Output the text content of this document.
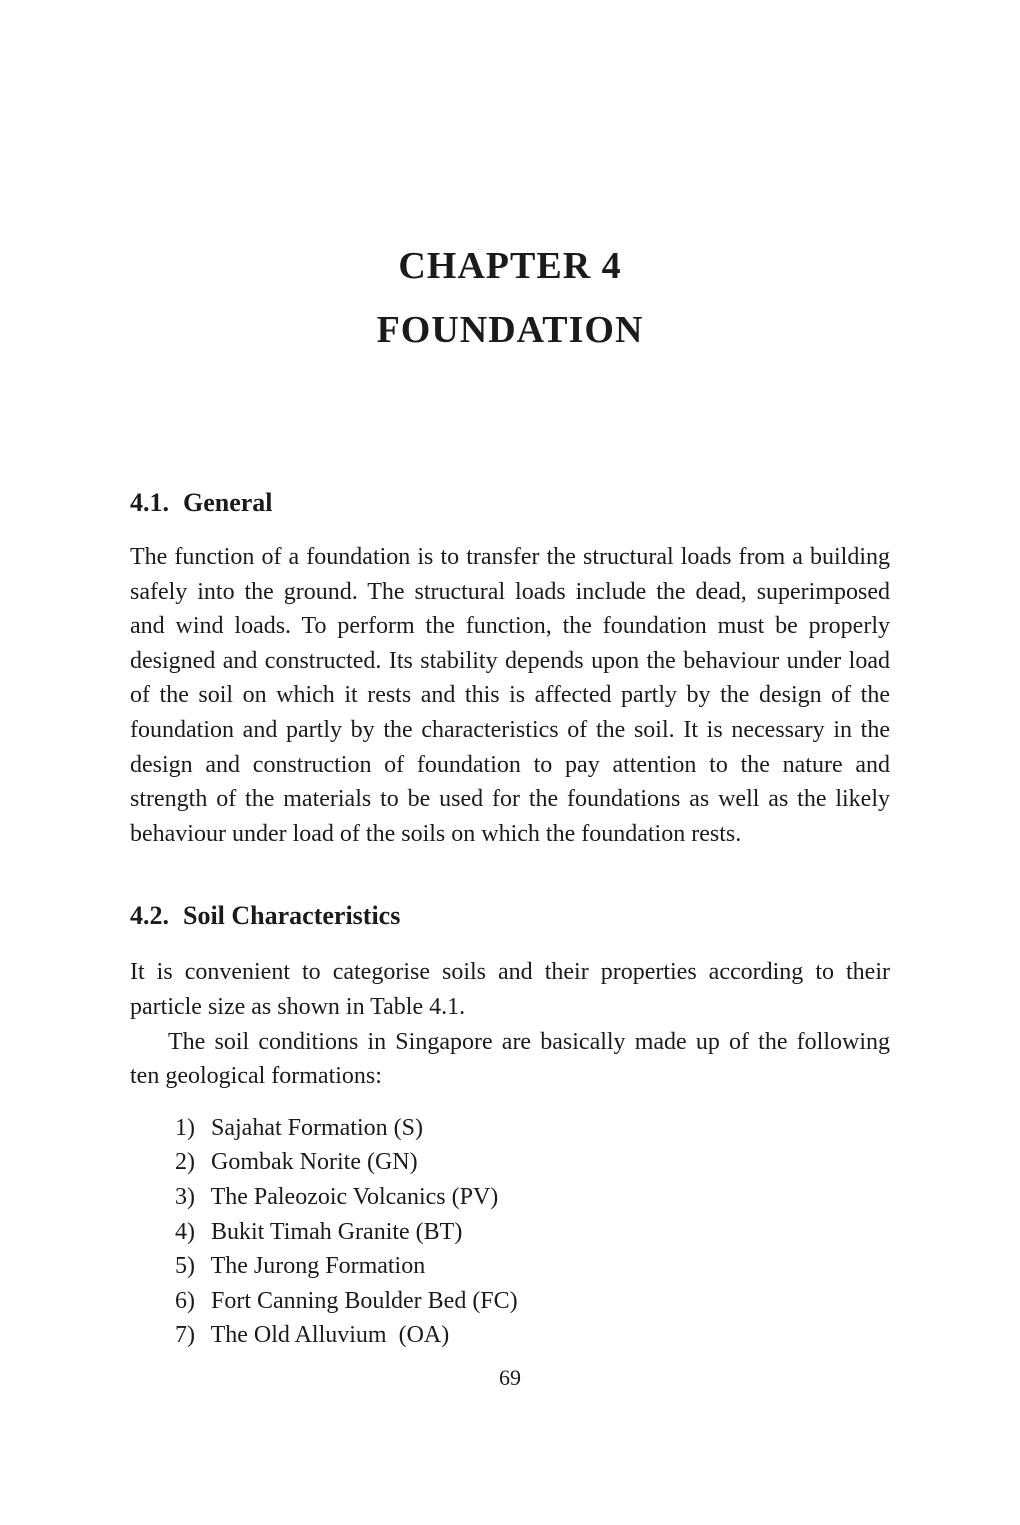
CHAPTER 4
FOUNDATION
4.1. General

The function of a foundation is to transfer the structural loads from a building safely into the ground. The structural loads include the dead, superimposed and wind loads. To perform the function, the foundation must be properly designed and constructed. Its stability depends upon the behaviour under load of the soil on which it rests and this is affected partly by the design of the foundation and partly by the characteristics of the soil. It is necessary in the design and construction of foundation to pay attention to the nature and strength of the materials to be used for the foundations as well as the likely behaviour under load of the soils on which the foundation rests.

4.2. Soil Characteristics

It is convenient to categorise soils and their properties according to their particle size as shown in Table 4.1.

The soil conditions in Singapore are basically made up of the following ten geological formations:

1) Sajahat Formation (S)
2) Gombak Norite (GN)
3) The Paleozoic Volcanics (PV)
4) Bukit Timah Granite (BT)
5) The Jurong Formation
6) Fort Canning Boulder Bed (FC)
7) The Old Alluvium  (OA)
69
